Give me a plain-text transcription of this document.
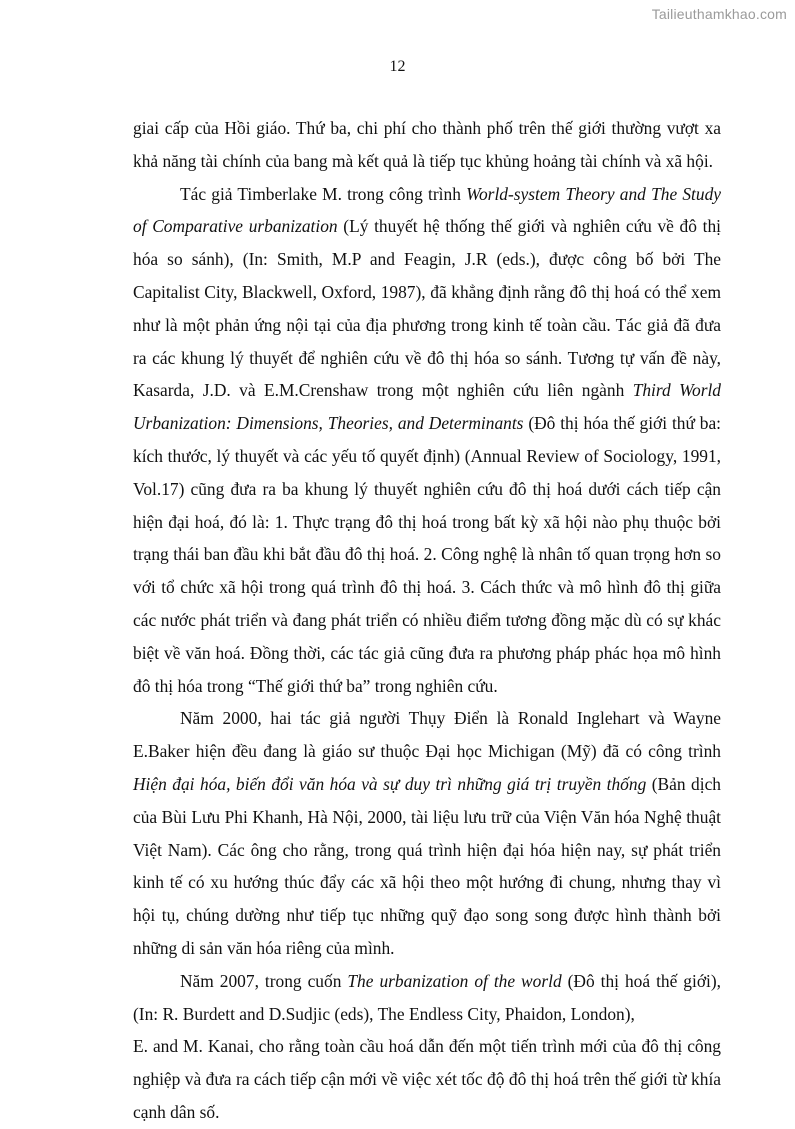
Tailieuthamkhao.com
12

giai cấp của Hồi giáo. Thứ ba, chi phí cho thành phố trên thế giới thường vượt xa khả năng tài chính của bang mà kết quả là tiếp tục khủng hoảng tài chính và xã hội.

Tác giả Timberlake M. trong công trình World-system Theory and The Study of Comparative urbanization (Lý thuyết hệ thống thế giới và nghiên cứu về đô thị hóa so sánh), (In: Smith, M.P and Feagin, J.R (eds.), được công bố bởi The Capitalist City, Blackwell, Oxford, 1987), đã khẳng định rằng đô thị hoá có thể xem như là một phản ứng nội tại của địa phương trong kinh tế toàn cầu. Tác giả đã đưa ra các khung lý thuyết để nghiên cứu về đô thị hóa so sánh. Tương tự vấn đề này, Kasarda, J.D. và E.M.Crenshaw trong một nghiên cứu liên ngành Third World Urbanization: Dimensions, Theories, and Determinants (Đô thị hóa thế giới thứ ba: kích thước, lý thuyết và các yếu tố quyết định) (Annual Review of Sociology, 1991, Vol.17) cũng đưa ra ba khung lý thuyết nghiên cứu đô thị hoá dưới cách tiếp cận hiện đại hoá, đó là: 1. Thực trạng đô thị hoá trong bất kỳ xã hội nào phụ thuộc bởi trạng thái ban đầu khi bắt đầu đô thị hoá. 2. Công nghệ là nhân tố quan trọng hơn so với tổ chức xã hội trong quá trình đô thị hoá. 3. Cách thức và mô hình đô thị giữa các nước phát triển và đang phát triển có nhiều điểm tương đồng mặc dù có sự khác biệt về văn hoá. Đồng thời, các tác giả cũng đưa ra phương pháp phác họa mô hình đô thị hóa trong “Thế giới thứ ba” trong nghiên cứu.

Năm 2000, hai tác giả người Thụy Điển là Ronald Inglehart và Wayne E.Baker hiện đều đang là giáo sư thuộc Đại học Michigan (Mỹ) đã có công trình Hiện đại hóa, biến đổi văn hóa và sự duy trì những giá trị truyền thống (Bản dịch của Bùi Lưu Phi Khanh, Hà Nội, 2000, tài liệu lưu trữ của Viện Văn hóa Nghệ thuật Việt Nam). Các ông cho rằng, trong quá trình hiện đại hóa hiện nay, sự phát triển kinh tế có xu hướng thúc đẩy các xã hội theo một hướng đi chung, nhưng thay vì hội tụ, chúng dường như tiếp tục những quỹ đạo song song được hình thành bởi những di sản văn hóa riêng của mình.

Năm 2007, trong cuốn The urbanization of the world (Đô thị hoá thế giới), (In: R. Burdett and D.Sudjic (eds), The Endless City, Phaidon, London),

E. and M. Kanai, cho rằng toàn cầu hoá dẫn đến một tiến trình mới của đô thị công nghiệp và đưa ra cách tiếp cận mới về việc xét tốc độ đô thị hoá trên thế giới từ khía cạnh dân số.
